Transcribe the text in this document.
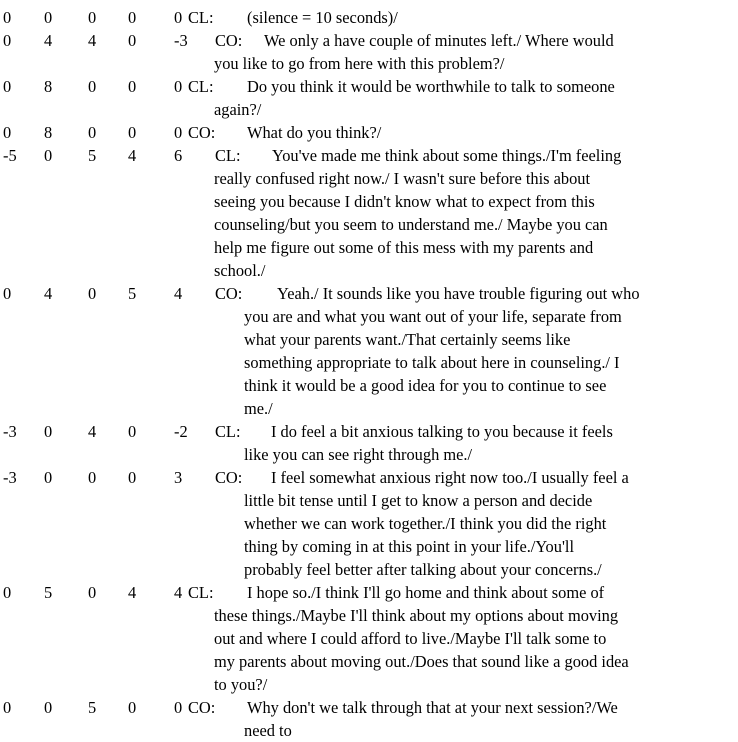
0 0 0 0 0 CL: (silence = 10 seconds)/
0 4 4 0 -3 CO: We only a have couple of minutes left./ Where would
you like to go from here with this problem?/
0 8 0 0 0 CL: Do you think it would be worthwhile to talk to someone
again?/
0 8 0 0 0 CO: What do you think?/
-5 0 5 4 6 CL: You've made me think about some things./I'm feeling
really confused right now./ I wasn't sure before this about
seeing you because I didn't know what to expect from this
counseling/but you seem to understand me./ Maybe you can
help me figure out some of this mess with my parents and
school./
0 4 0 5 4 CO: Yeah./ It sounds like you have trouble figuring out who
you are and what you want out of your life, separate from
what your parents want./That certainly seems like
something appropriate to talk about here in counseling./ I
think it would be a good idea for you to continue to see
me./
-3 0 4 0 -2 CL: I do feel a bit anxious talking to you because it feels
like you can see right through me./
-3 0 0 0 3 CO: I feel somewhat anxious right now too./I usually feel a
little bit tense until I get to know a person and decide
whether we can work together./I think you did the right
thing by coming in at this point in your life./You'll
probably feel better after talking about your concerns./
0 5 0 4 4 CL: I hope so./I think I'll go home and think about some of
these things./Maybe I'll think about my options about moving
out and where I could afford to live./Maybe I'll talk some to
my parents about moving out./Does that sound like a good idea
to you?/
0 0 5 0 0 CO: Why don't we talk through that at your next session?/We
need to
